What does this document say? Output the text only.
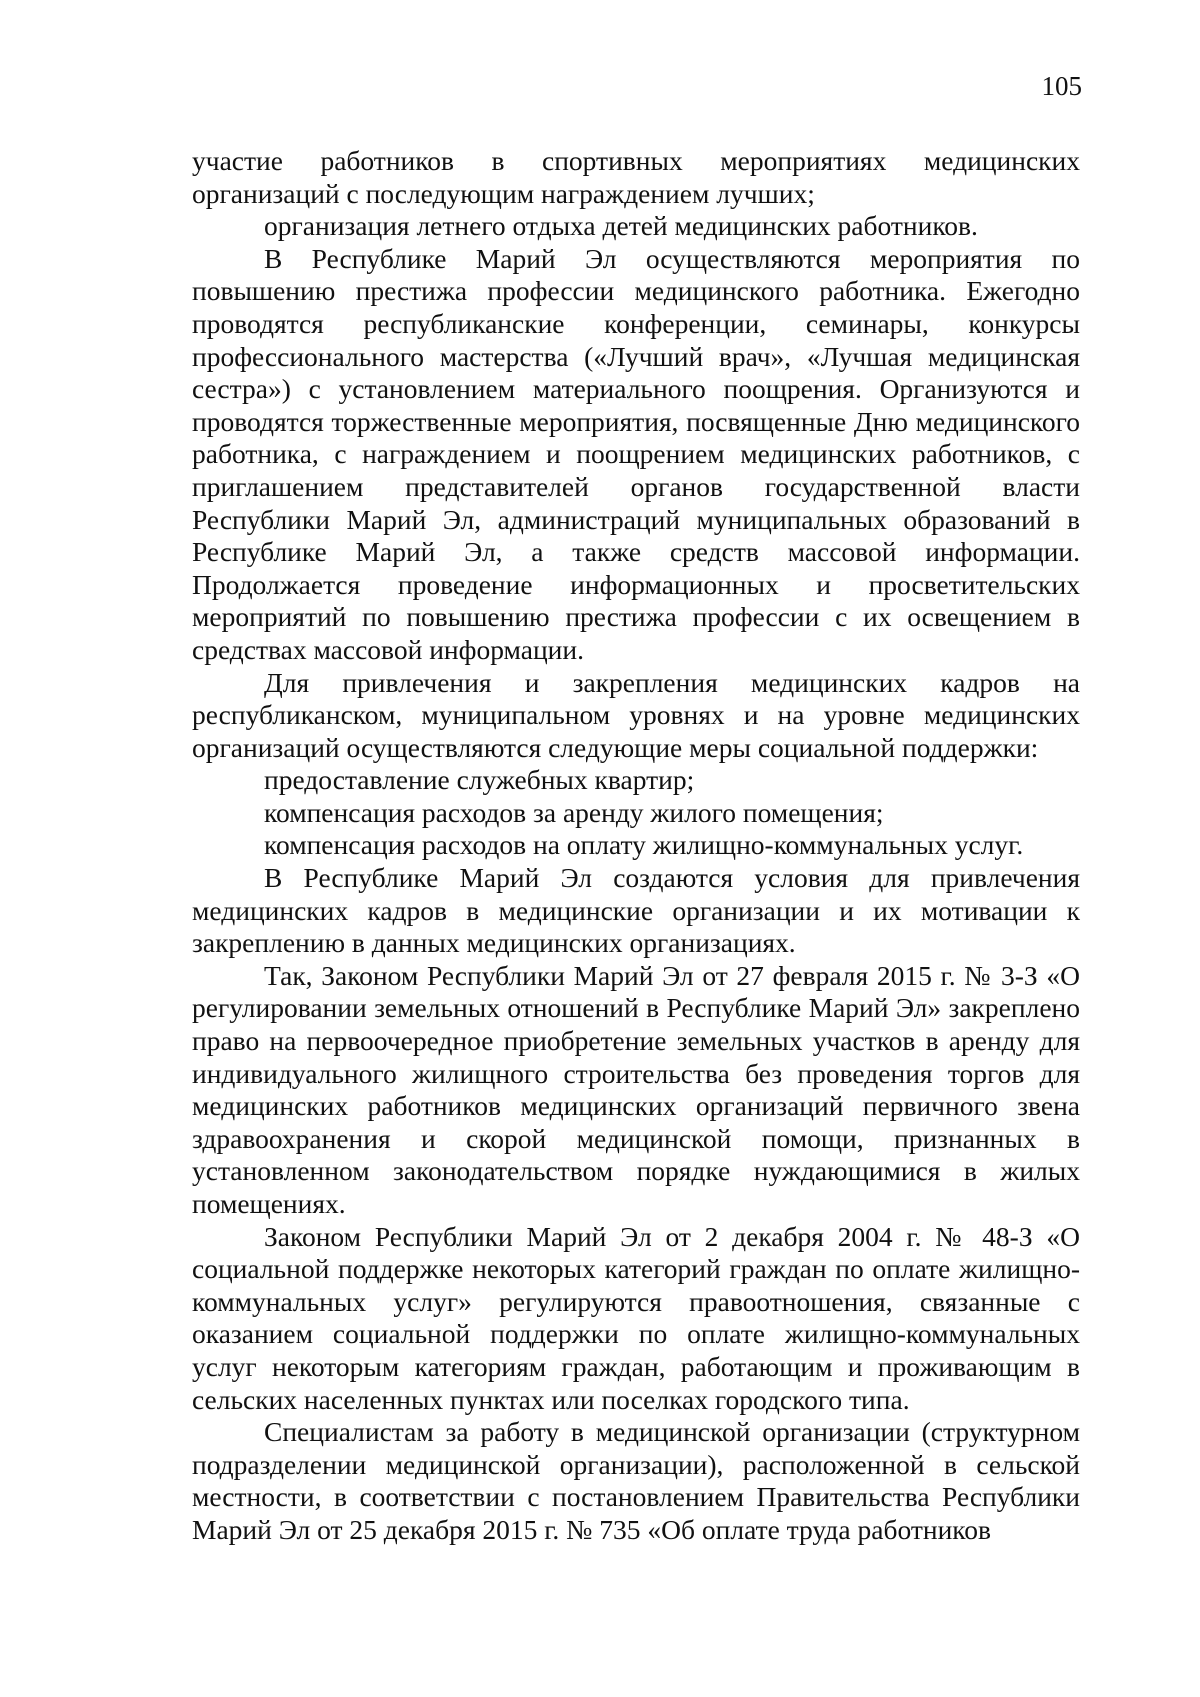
105

участие работников в спортивных мероприятиях медицинских организаций с последующим награждением лучших;

организация летнего отдыха детей медицинских работников.

В Республике Марий Эл осуществляются мероприятия по повышению престижа профессии медицинского работника. Ежегодно проводятся республиканские конференции, семинары, конкурсы профессионального мастерства («Лучший врач», «Лучшая медицинская сестра») с установлением материального поощрения. Организуются и проводятся торжественные мероприятия, посвященные Дню медицинского работника, с награждением и поощрением медицинских работников, с приглашением представителей органов государственной власти Республики Марий Эл, администраций муниципальных образований в Республике Марий Эл, а также средств массовой информации. Продолжается проведение информационных и просветительских мероприятий по повышению престижа профессии с их освещением в средствах массовой информации.

Для привлечения и закрепления медицинских кадров на республиканском, муниципальном уровнях и на уровне медицинских организаций осуществляются следующие меры социальной поддержки:

предоставление служебных квартир;

компенсация расходов за аренду жилого помещения;

компенсация расходов на оплату жилищно-коммунальных услуг.

В Республике Марий Эл создаются условия для привлечения медицинских кадров в медицинские организации и их мотивации к закреплению в данных медицинских организациях.

Так, Законом Республики Марий Эл от 27 февраля 2015 г. № 3-З «О регулировании земельных отношений в Республике Марий Эл» закреплено право на первоочередное приобретение земельных участков в аренду для индивидуального жилищного строительства без проведения торгов для медицинских работников медицинских организаций первичного звена здравоохранения и скорой медицинской помощи, признанных в установленном законодательством порядке нуждающимися в жилых помещениях.

Законом Республики Марий Эл от 2 декабря 2004 г. № 48-З «О социальной поддержке некоторых категорий граждан по оплате жилищно-коммунальных услуг» регулируются правоотношения, связанные с оказанием социальной поддержки по оплате жилищно-коммунальных услуг некоторым категориям граждан, работающим и проживающим в сельских населенных пунктах или поселках городского типа.

Специалистам за работу в медицинской организации (структурном подразделении медицинской организации), расположенной в сельской местности, в соответствии с постановлением Правительства Республики Марий Эл от 25 декабря 2015 г. № 735 «Об оплате труда работников
